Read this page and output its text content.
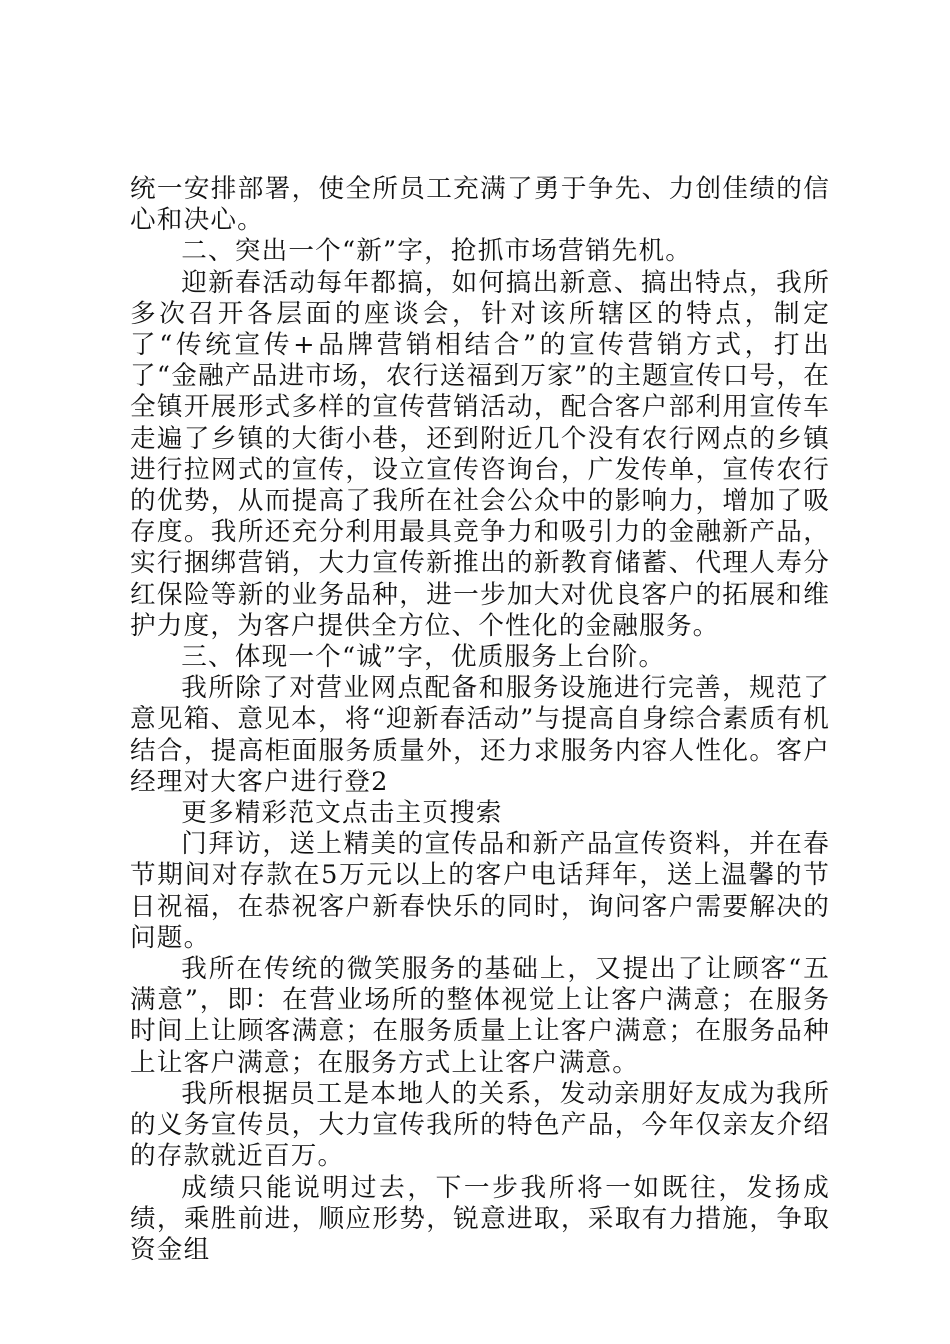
统一安排部署，使全所员工充满了勇于争先、力创佳绩的信心和决心。

二、突出一个“新”字，抢抓市场营销先机。

迎新春活动每年都搞，如何搞出新意、搞出特点，我所多次召开各层面的座谈会，针对该所辖区的特点，制定了“传统宣传+品牌营销相结合”的宣传营销方式，打出了“金融产品进市场，农行送福到万家”的主题宣传口号，在全镇开展形式多样的宣传营销活动，配合客户部利用宣传车走遍了乡镇的大街小巷，还到附近几个没有农行网点的乡镇进行拉网式的宣传，设立宣传咨询台，广发传单，宣传农行的优势，从而提高了我所在社会公众中的影响力，增加了吸存度。我所还充分利用最具竞争力和吸引力的金融新产品，实行捆绑营销，大力宣传新推出的新教育储蓄、代理人寿分红保险等新的业务品种，进一步加大对优良客户的拓展和维护力度，为客户提供全方位、个性化的金融服务。

三、体现一个“诚”字，优质服务上台阶。

我所除了对营业网点配备和服务设施进行完善，规范了意见箱、意见本，将“迎新春活动”与提高自身综合素质有机结合，提高柜面服务质量外，还力求服务内容人性化。客户经理对大客户进行登2

更多精彩范文点击主页搜索

门拜访，送上精美的宣传品和新产品宣传资料，并在春节期间对存款在5万元以上的客户电话拜年，送上温馨的节日祝福，在恭祝客户新春快乐的同时，询问客户需要解决的问题。

我所在传统的微笑服务的基础上，又提出了让顾客“五满意”，即：在营业场所的整体视觉上让客户满意；在服务时间上让顾客满意；在服务质量上让客户满意；在服务品种上让客户满意；在服务方式上让客户满意。

我所根据员工是本地人的关系，发动亲朋好友成为我所的义务宣传员，大力宣传我所的特色产品，今年仅亲友介绍的存款就近百万。

成绩只能说明过去，下一步我所将一如既往，发扬成绩，乘胜前进，顺应形势，锐意进取，采取有力措施，争取资金组
